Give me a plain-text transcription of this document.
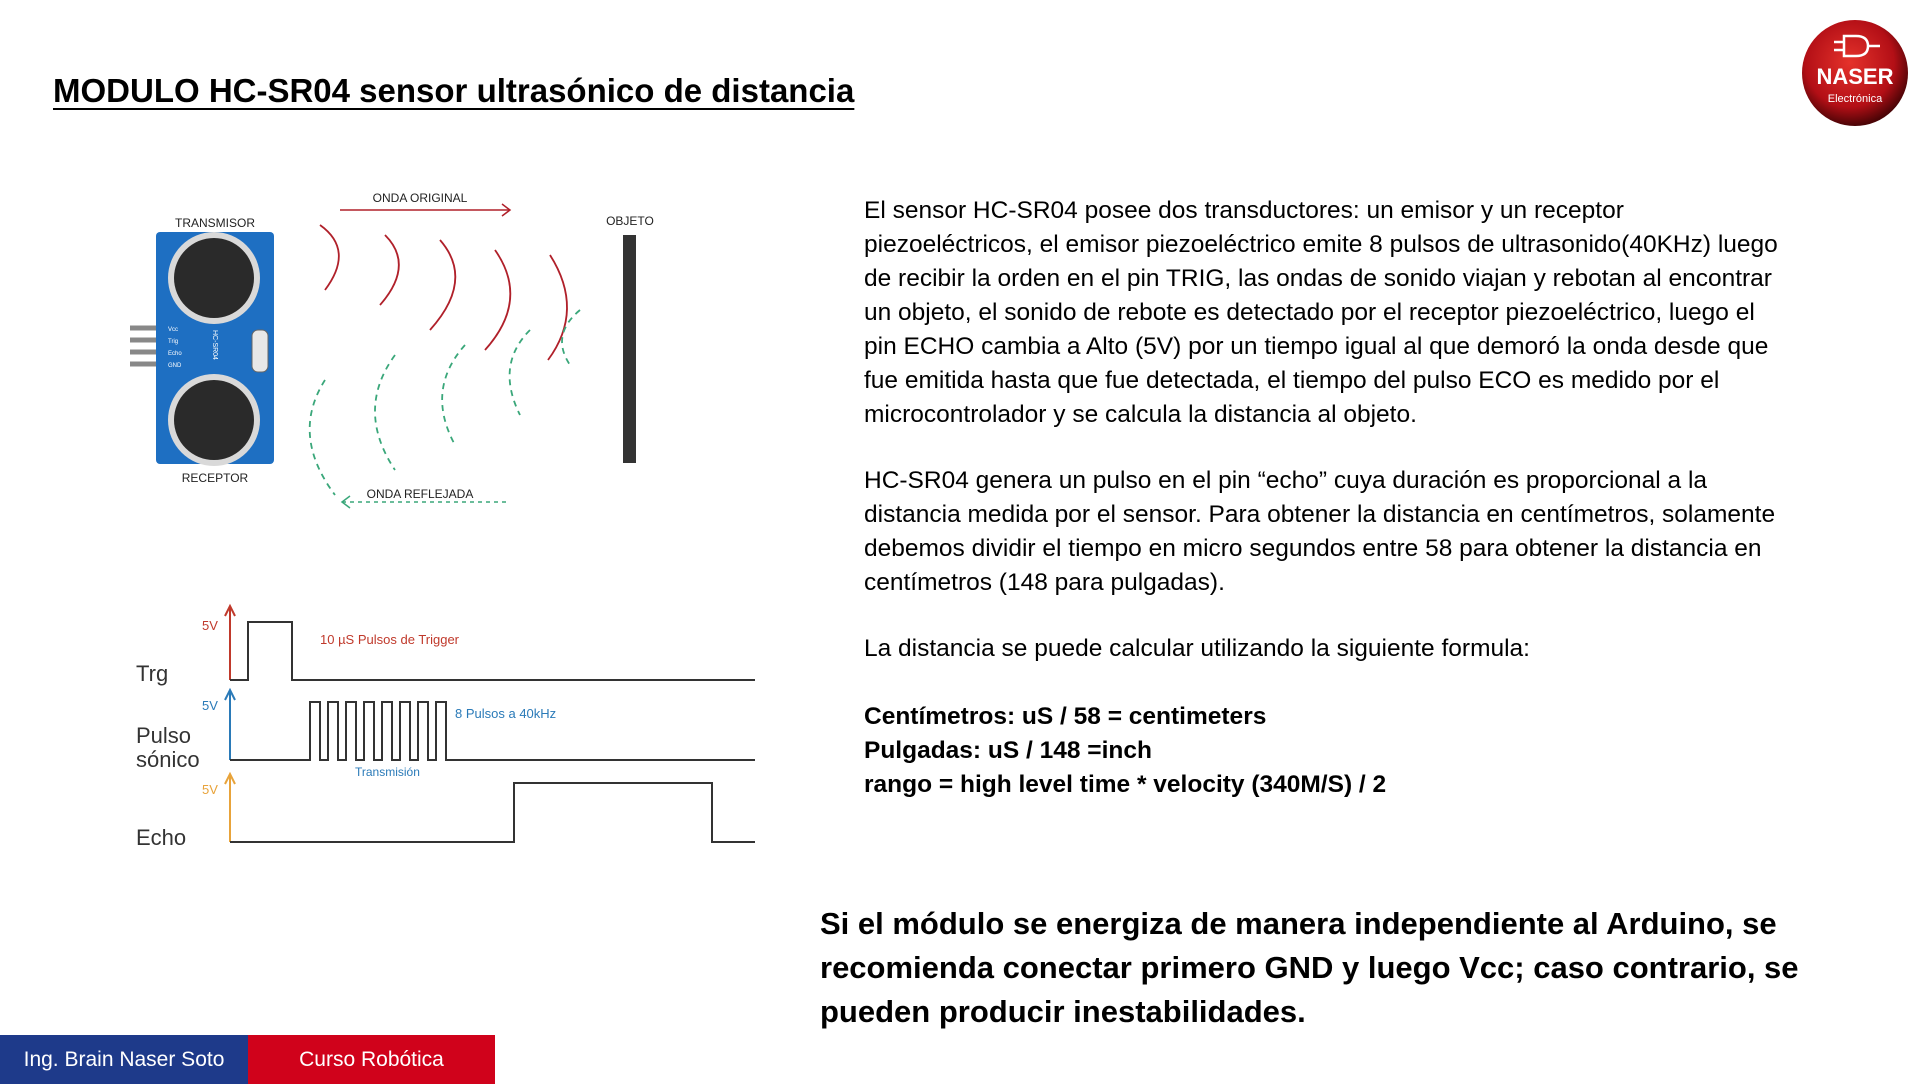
MODULO HC-SR04 sensor ultrasónico de distancia	NASER
Electrónica
Vcc
Trig
Echo
GND
HC-SR04
TRANSMISOR
RECEPTOR
ONDA ORIGINAL
OBJETO
ONDA REFLEJADA
Trg
Pulso
sónico
Echo
5V
10 µS Pulsos de Trigger
5V
8 Pulsos a 40kHz
Transmisión
5V

El sensor HC-SR04 posee dos transductores: un emisor y un receptor piezoeléctricos, el emisor piezoeléctrico emite 8 pulsos de ultrasonido(40KHz) luego de recibir la orden en el pin TRIG, las ondas de sonido viajan y rebotan al encontrar un objeto, el sonido de rebote es detectado por el receptor piezoeléctrico, luego el pin ECHO cambia a Alto (5V) por un tiempo igual al que demoró la onda desde que fue emitida hasta que fue detectada, el tiempo del pulso ECO es medido por el microcontrolador y se calcula la distancia al objeto.

HC-SR04 genera un pulso en el pin “echo” cuya duración es proporcional a la distancia medida por el sensor. Para obtener la distancia en centímetros, solamente debemos dividir el tiempo en micro segundos entre 58 para obtener la distancia en centímetros (148 para pulgadas).

La distancia se puede calcular utilizando la siguiente formula:

Centímetros: uS / 58 = centimeters
Pulgadas: uS / 148 =inch
rango = high level time * velocity (340M/S) / 2

Si el módulo se energiza de manera independiente al Arduino, se recomienda conectar primero GND y luego Vcc; caso contrario, se pueden producir inestabilidades.

Ing. Brain Naser Soto	Curso Robótica
